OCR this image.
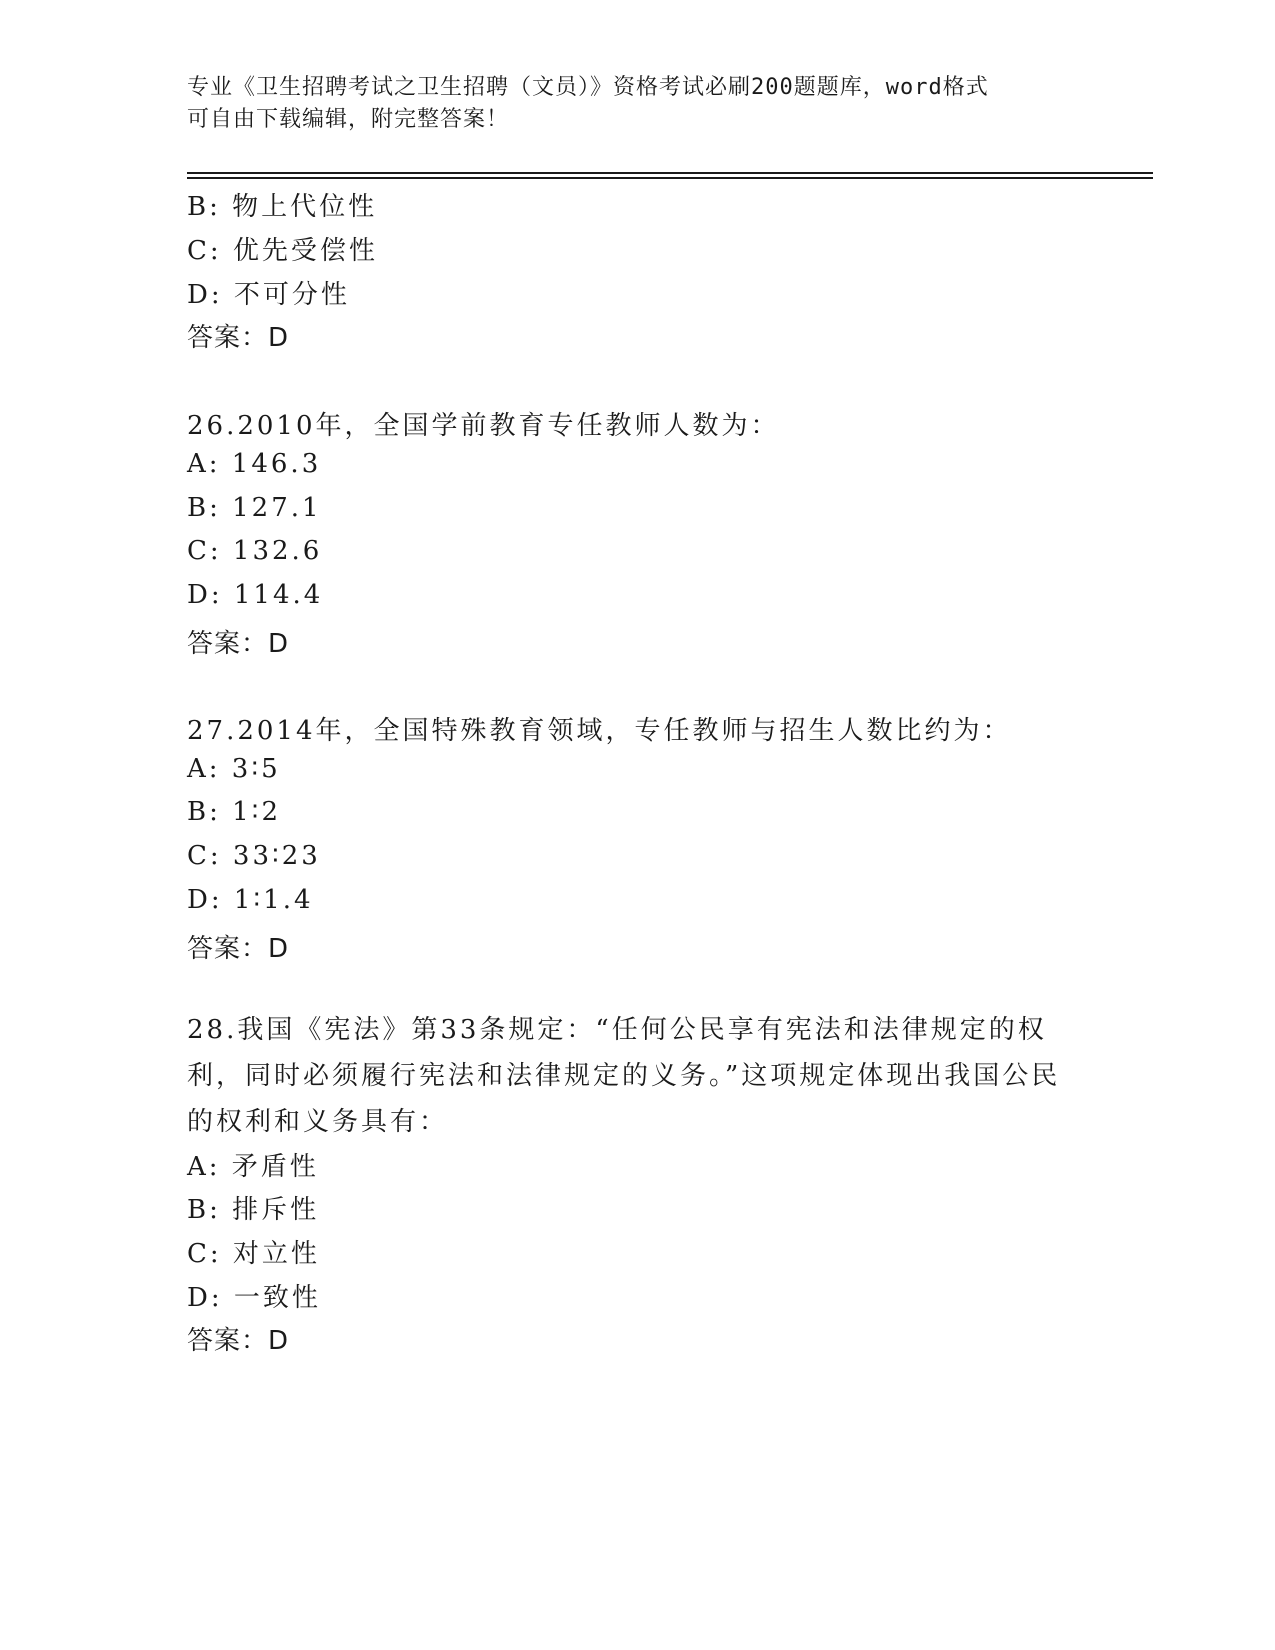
专业《卫生招聘考试之卫生招聘（文员）》资格考试必刷200题题库，word格式
可自由下载编辑，附完整答案！
B: 物上代位性
C: 优先受偿性
D: 不可分性
答案：D
26.2010年，全国学前教育专任教师人数为：
A: 146.3
B: 127.1
C: 132.6
D: 114.4
答案：D
27.2014年，全国特殊教育领域，专任教师与招生人数比约为：
A: 3∶5
B: 1∶2
C: 33∶23
D: 1∶1.4
答案：D
28.我国《宪法》第33条规定：“任何公民享有宪法和法律规定的权利，同时必须履行宪法和法律规定的义务。”这项规定体现出我国公民的权利和义务具有：
A: 矛盾性
B: 排斥性
C: 对立性
D: 一致性
答案：D
